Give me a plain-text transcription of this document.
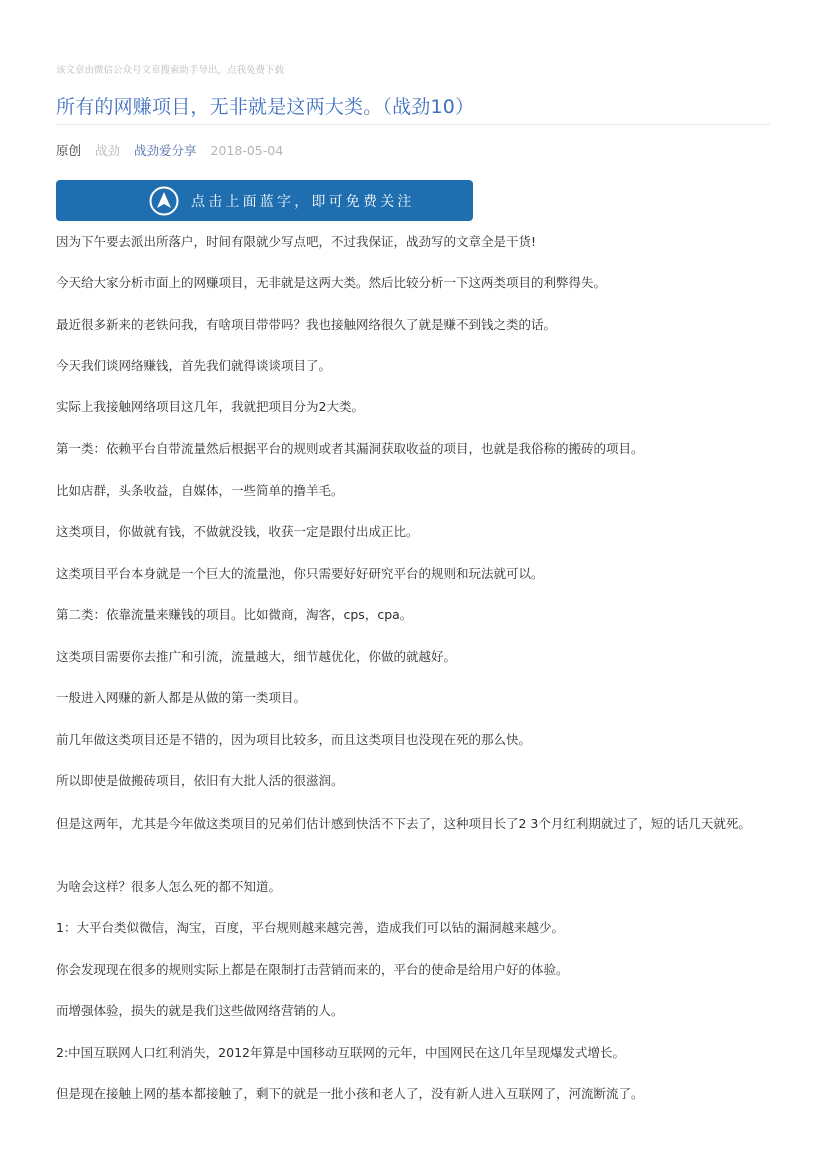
该文章由微信公众号文章搜索助手导出，点我免费下载
所有的网赚项目，无非就是这两大类。（战劲10）
原创 战劲 战劲爱分享 2018-05-04
点击上面蓝字，即可免费关注

因为下午要去派出所落户，时间有限就少写点吧，不过我保证，战劲写的文章全是干货!

今天给大家分析市面上的网赚项目，无非就是这两大类。然后比较分析一下这两类项目的利弊得失。

最近很多新来的老铁问我，有啥项目带带吗？我也接触网络很久了就是赚不到钱之类的话。

今天我们谈网络赚钱，首先我们就得谈谈项目了。

实际上我接触网络项目这几年，我就把项目分为2大类。

第一类：依赖平台自带流量然后根据平台的规则或者其漏洞获取收益的项目，也就是我俗称的搬砖的项目。

比如店群，头条收益，自媒体，一些简单的撸羊毛。

这类项目，你做就有钱，不做就没钱，收获一定是跟付出成正比。

这类项目平台本身就是一个巨大的流量池，你只需要好好研究平台的规则和玩法就可以。

第二类：依靠流量来赚钱的项目。比如微商，淘客，cps，cpa。

这类项目需要你去推广和引流，流量越大，细节越优化，你做的就越好。

一般进入网赚的新人都是从做的第一类项目。

前几年做这类项目还是不错的，因为项目比较多，而且这类项目也没现在死的那么快。

所以即使是做搬砖项目，依旧有大批人活的很滋润。

但是这两年，尤其是今年做这类项目的兄弟们估计感到快活不下去了，这种项目长了2 3个月红利期就过了，短的话几天就死。

为啥会这样？很多人怎么死的都不知道。

1：大平台类似微信，淘宝，百度，平台规则越来越完善，造成我们可以钻的漏洞越来越少。

你会发现现在很多的规则实际上都是在限制打击营销而来的，平台的使命是给用户好的体验。

而增强体验，损失的就是我们这些做网络营销的人。

2:中国互联网人口红利消失，2012年算是中国移动互联网的元年，中国网民在这几年呈现爆发式增长。

但是现在接触上网的基本都接触了，剩下的就是一批小孩和老人了，没有新人进入互联网了，河流断流了。
